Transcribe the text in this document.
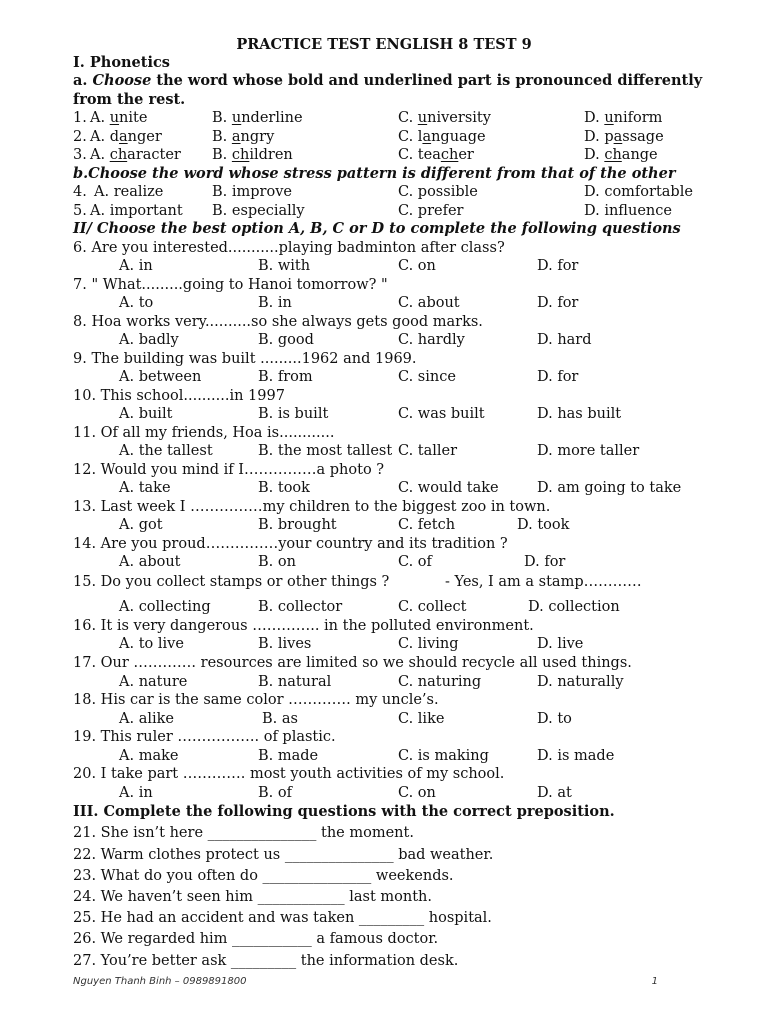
PRACTICE TEST ENGLISH 8 TEST 9
I. Phonetics
a. Choose the word whose bold and underlined part is pronounced differently
from the rest.
1. A. unite	B. underline	C. university	D. uniform
2. A. danger	B. angry	C. language	D. passage
3. A. character B. children	C. teacher	D. change
b.Choose the word whose stress pattern is different from that of the other
4. A. realize	B. improve	C. possible	D. comfortable
5. A. important B. especially	C. prefer	D. influence
II/ Choose the best option A, B, C or D to complete the following questions
6. Are you interested...........playing badminton after class?
A. in	B. with	C. on	D. for
7. " What.........going to Hanoi tomorrow? "
A. to	B. in	C. about	D. for
8. Hoa works very..........so she always gets good marks.
A. badly	B. good	C. hardly	D. hard
9. The building was built .........1962 and 1969.
A. between	B. from	C. since	D. for
10. This school..........in 1997
A. built	B. is built	C. was built	D. has built
11. Of all my friends, Hoa is............
A. the tallest	B. the most tallest C. taller	D. more taller
12. Would you mind if I……………a photo ?
A. take	B. took	C. would take	D. am going to take
13. Last week I ……………my children to the biggest zoo in town.
A. got	B. brought	C. fetch	D. took
14. Are you proud……………your country and its tradition ?
A. about	B. on	C. of	D. for
15. Do you collect stamps or other things ?	- Yes, I am a stamp…………
A. collecting	B. collector	C. collect	D. collection
16. It is very dangerous ………….. in the polluted environment.
A. to live	B. lives	C. living	D. live
17. Our …………. resources are limited so we should recycle all used things.
A. nature	B. natural	C. naturing	D. naturally
18. His car is the same color …………. my uncle’s.
A. alike	B. as	C. like	D. to
19. This ruler …………….. of plastic.
A. make	B. made	C. is making	D. is made
20. I take part …………. most youth activities of my school.
A. in	B. of	C. on	D. at
III. Complete the following questions with the correct preposition.
21. She isn’t here _______________ the moment.
22. Warm clothes protect us _______________ bad weather.
23. What do you often do _______________ weekends.
24. We haven’t seen him ____________ last month.
25. He had an accident and was taken _________ hospital.
26. We regarded him ___________ a famous doctor.
27. You’re better ask _________ the information desk.
Nguyen Thanh Binh – 0989891800	1
